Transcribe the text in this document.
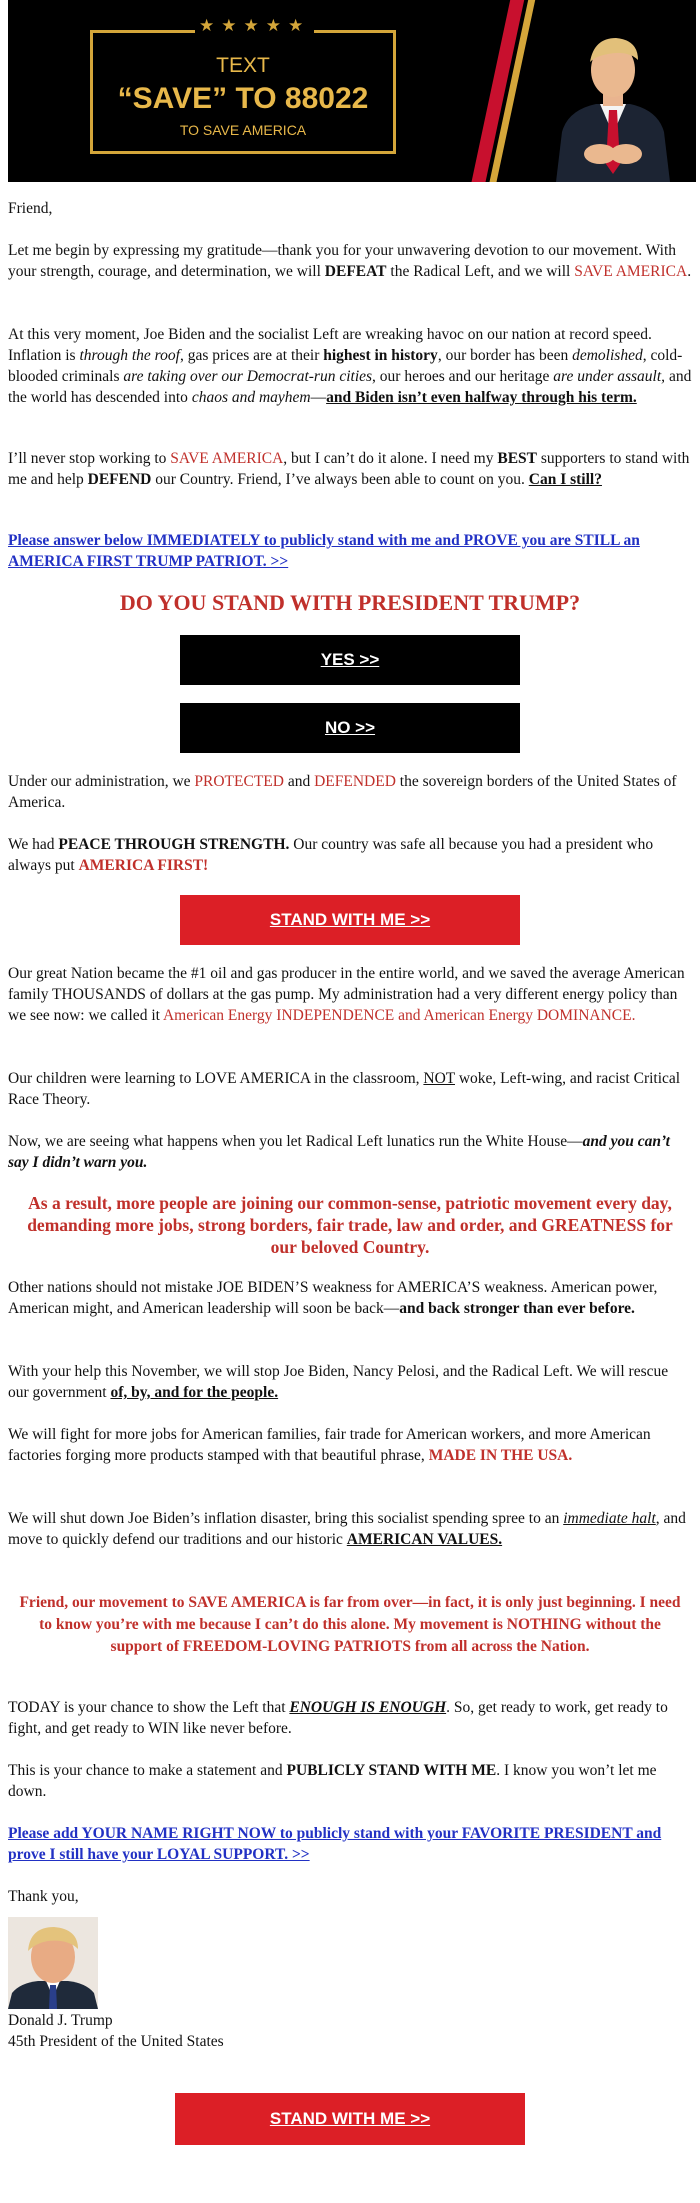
★★★★★
TEXT
“SAVE” TO 88022
TO SAVE AMERICA

Friend,

Let me begin by expressing my gratitude—thank you for your unwavering devotion to our movement. With your strength, courage, and determination, we will DEFEAT the Radical Left, and we will SAVE AMERICA.

At this very moment, Joe Biden and the socialist Left are wreaking havoc on our nation at record speed. Inflation is through the roof, gas prices are at their highest in history, our border has been demolished, cold-blooded criminals are taking over our Democrat-run cities, our heroes and our heritage are under assault, and the world has descended into chaos and mayhem—and Biden isn’t even halfway through his term.

I’ll never stop working to SAVE AMERICA, but I can’t do it alone. I need my BEST supporters to stand with me and help DEFEND our Country. Friend, I’ve always been able to count on you. Can I still?

Please answer below IMMEDIATELY to publicly stand with me and PROVE you are STILL an AMERICA FIRST TRUMP PATRIOT. >>

DO YOU STAND WITH PRESIDENT TRUMP?
YES >>
NO >>

Under our administration, we PROTECTED and DEFENDED the sovereign borders of the United States of America.

We had PEACE THROUGH STRENGTH. Our country was safe all because you had a president who always put AMERICA FIRST!

STAND WITH ME >>

Our great Nation became the #1 oil and gas producer in the entire world, and we saved the average American family THOUSANDS of dollars at the gas pump. My administration had a very different energy policy than we see now: we called it American Energy INDEPENDENCE and American Energy DOMINANCE.

Our children were learning to LOVE AMERICA in the classroom, NOT woke, Left-wing, and racist Critical Race Theory.

Now, we are seeing what happens when you let Radical Left lunatics run the White House—and you can’t say I didn’t warn you.

As a result, more people are joining our common-sense, patriotic movement every day, demanding more jobs, strong borders, fair trade, law and order, and GREATNESS for our beloved Country.

Other nations should not mistake JOE BIDEN’S weakness for AMERICA’S weakness. American power, American might, and American leadership will soon be back—and back stronger than ever before.

With your help this November, we will stop Joe Biden, Nancy Pelosi, and the Radical Left. We will rescue our government of, by, and for the people.

We will fight for more jobs for American families, fair trade for American workers, and more American factories forging more products stamped with that beautiful phrase, MADE IN THE USA.

We will shut down Joe Biden’s inflation disaster, bring this socialist spending spree to an immediate halt, and move to quickly defend our traditions and our historic AMERICAN VALUES.

Friend, our movement to SAVE AMERICA is far from over—in fact, it is only just beginning. I need to know you’re with me because I can’t do this alone. My movement is NOTHING without the support of FREEDOM-LOVING PATRIOTS from all across the Nation.

TODAY is your chance to show the Left that ENOUGH IS ENOUGH. So, get ready to work, get ready to fight, and get ready to WIN like never before.

This is your chance to make a statement and PUBLICLY STAND WITH ME. I know you won’t let me down.

Please add YOUR NAME RIGHT NOW to publicly stand with your FAVORITE PRESIDENT and prove I still have your LOYAL SUPPORT. >>

Thank you,

Donald J. Trump

45th President of the United States

STAND WITH ME >>
